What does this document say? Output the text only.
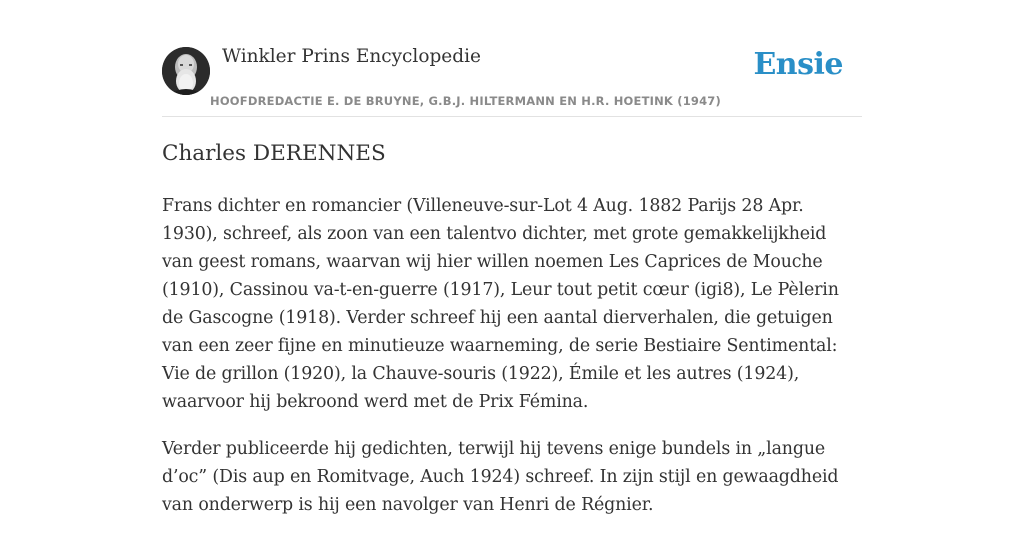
Winkler Prins Encyclopedie
HOOFDREDACTIE E. DE BRUYNE, G.B.J. HILTERMANN EN H.R. HOETINK (1947)
Ensie
Charles DERENNES

Frans dichter en romancier (Villeneuve-sur-Lot 4 Aug. 1882 Parijs 28 Apr. 1930), schreef, als zoon van een talentvo dichter, met grote gemakkelijkheid van geest romans, waarvan wij hier willen noemen Les Caprices de Mouche (1910), Cassinou va-t-en-guerre (1917), Leur tout petit cœur (igi8), Le Pèlerin de Gascogne (1918). Verder schreef hij een aantal dierverhalen, die getuigen van een zeer fijne en minutieuze waarneming, de serie Bestiaire Sentimental: Vie de grillon (1920), la Chauve-souris (1922), Émile et les autres (1924), waarvoor hij bekroond werd met de Prix Fémina.

Verder publiceerde hij gedichten, terwijl hij tevens enige bundels in „langue d’oc” (Dis aup en Romitvage, Auch 1924) schreef. In zijn stijl en gewaagdheid van onderwerp is hij een navolger van Henri de Régnier.
